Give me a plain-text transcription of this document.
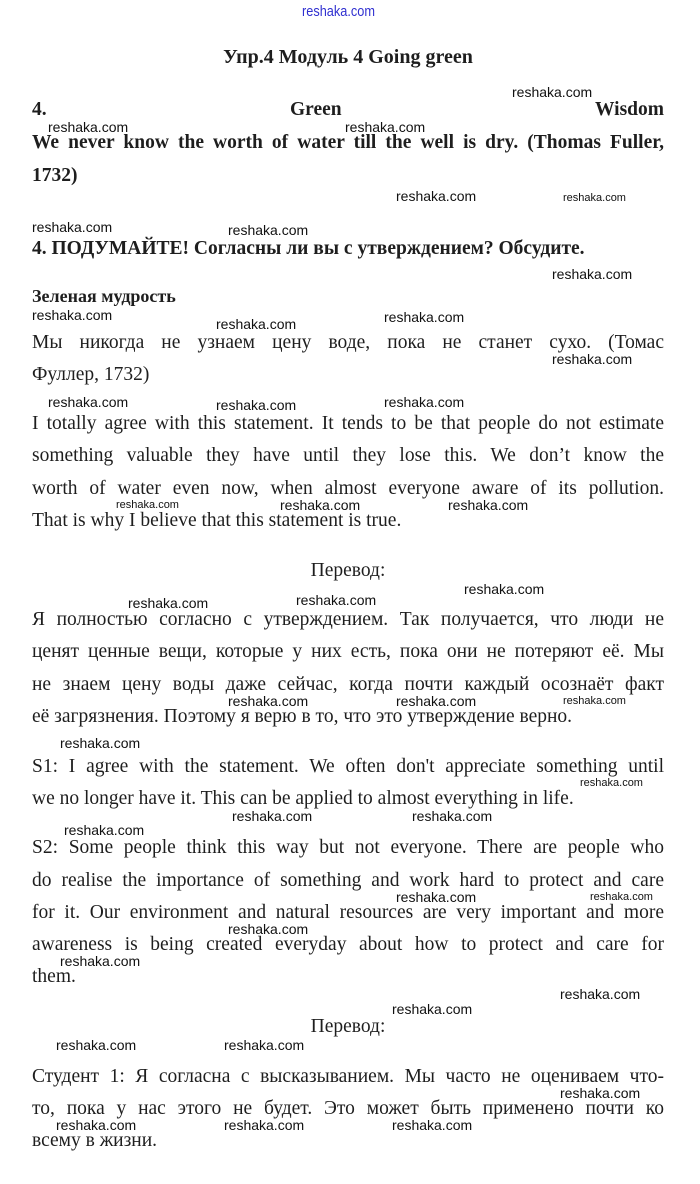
reshaka.com
Упр.4 Модуль 4 Going green
4.	Green	Wisdom
We never know the worth of water till the well is dry. (Thomas Fuller,
1732)
4. ПОДУМАЙТЕ! Согласны ли вы с утверждением? Обсудите.
Зеленая мудрость
Мы никогда не узнаем цену воде, пока не станет сухо. (Томас
Фуллер, 1732)
I totally agree with this statement. It tends to be that people do not estimate
something valuable they have until they lose this. We don’t know the
worth of water even now, when almost everyone aware of its pollution.
That is why I believe that this statement is true.
Перевод:
Я полностью согласно с утверждением. Так получается, что люди не
ценят ценные вещи, которые у них есть, пока они не потеряют её. Мы
не знаем цену воды даже сейчас, когда почти каждый осознаёт факт
её загрязнения. Поэтому я верю в то, что это утверждение верно.
S1: I agree with the statement. We often don't appreciate something until
we no longer have it. This can be applied to almost everything in life.
S2: Some people think this way but not everyone. There are people who
do realise the importance of something and work hard to protect and care
for it. Our environment and natural resources are very important and more
awareness is being created everyday about how to protect and care for
them.
Перевод:
Студент 1: Я согласна с высказыванием. Мы часто не оцениваем что-
то, пока у нас этого не будет. Это может быть применено почти ко
всему в жизни.
reshaka.com
reshaka.com
reshaka.com
reshaka.com	reshaka.com
reshaka.com	reshaka.com
reshaka.com
reshaka.com
reshaka.com	reshaka.com
reshaka.com
reshaka.com	reshaka.com	reshaka.com
reshaka.com	reshaka.com	reshaka.com
reshaka.com
reshaka.com	reshaka.com
reshaka.com	reshaka.com	reshaka.com
reshaka.com
reshaka.com
reshaka.com	reshaka.com
reshaka.com
reshaka.com	reshaka.com
reshaka.com
reshaka.com
reshaka.com
reshaka.com
reshaka.com	reshaka.com
reshaka.com
reshaka.com	reshaka.com	reshaka.com
